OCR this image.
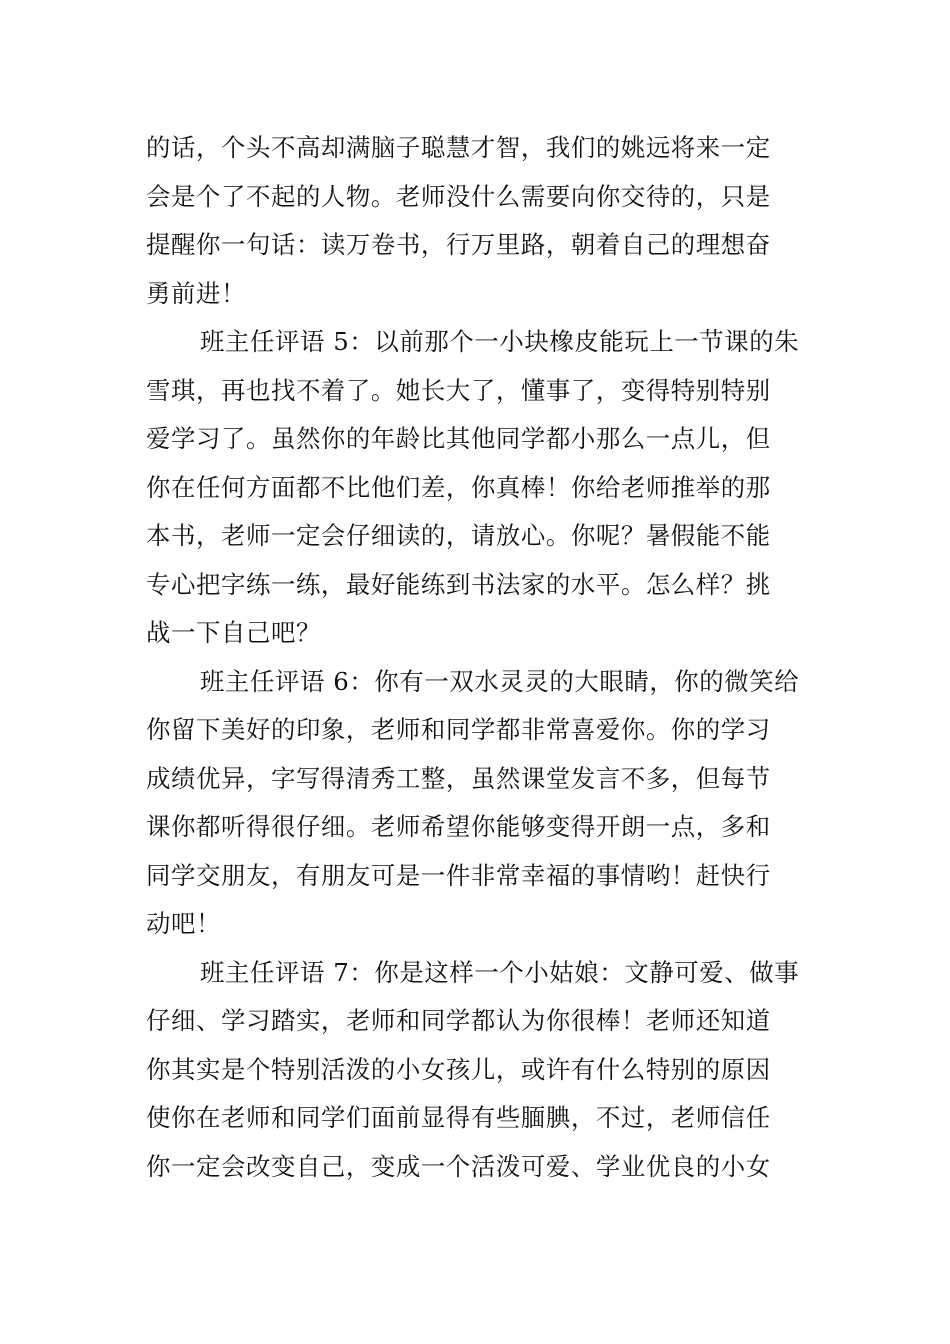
的话，个头不高却满脑子聪慧才智，我们的姚远将来一定
会是个了不起的人物。老师没什么需要向你交待的，只是
提醒你一句话：读万卷书，行万里路，朝着自己的理想奋
勇前进！
班主任评语 5：以前那个一小块橡皮能玩上一节课的朱
雪琪，再也找不着了。她长大了，懂事了，变得特别特别
爱学习了。虽然你的年龄比其他同学都小那么一点儿，但
你在任何方面都不比他们差，你真棒！你给老师推举的那
本书，老师一定会仔细读的，请放心。你呢？暑假能不能
专心把字练一练，最好能练到书法家的水平。怎么样？挑
战一下自己吧？
班主任评语 6：你有一双水灵灵的大眼睛，你的微笑给
你留下美好的印象，老师和同学都非常喜爱你。你的学习
成绩优异，字写得清秀工整，虽然课堂发言不多，但每节
课你都听得很仔细。老师希望你能够变得开朗一点，多和
同学交朋友，有朋友可是一件非常幸福的事情哟！赶快行
动吧！
班主任评语 7：你是这样一个小姑娘：文静可爱、做事
仔细、学习踏实，老师和同学都认为你很棒！老师还知道
你其实是个特别活泼的小女孩儿，或许有什么特别的原因
使你在老师和同学们面前显得有些腼腆，不过，老师信任
你一定会改变自己，变成一个活泼可爱、学业优良的小女
